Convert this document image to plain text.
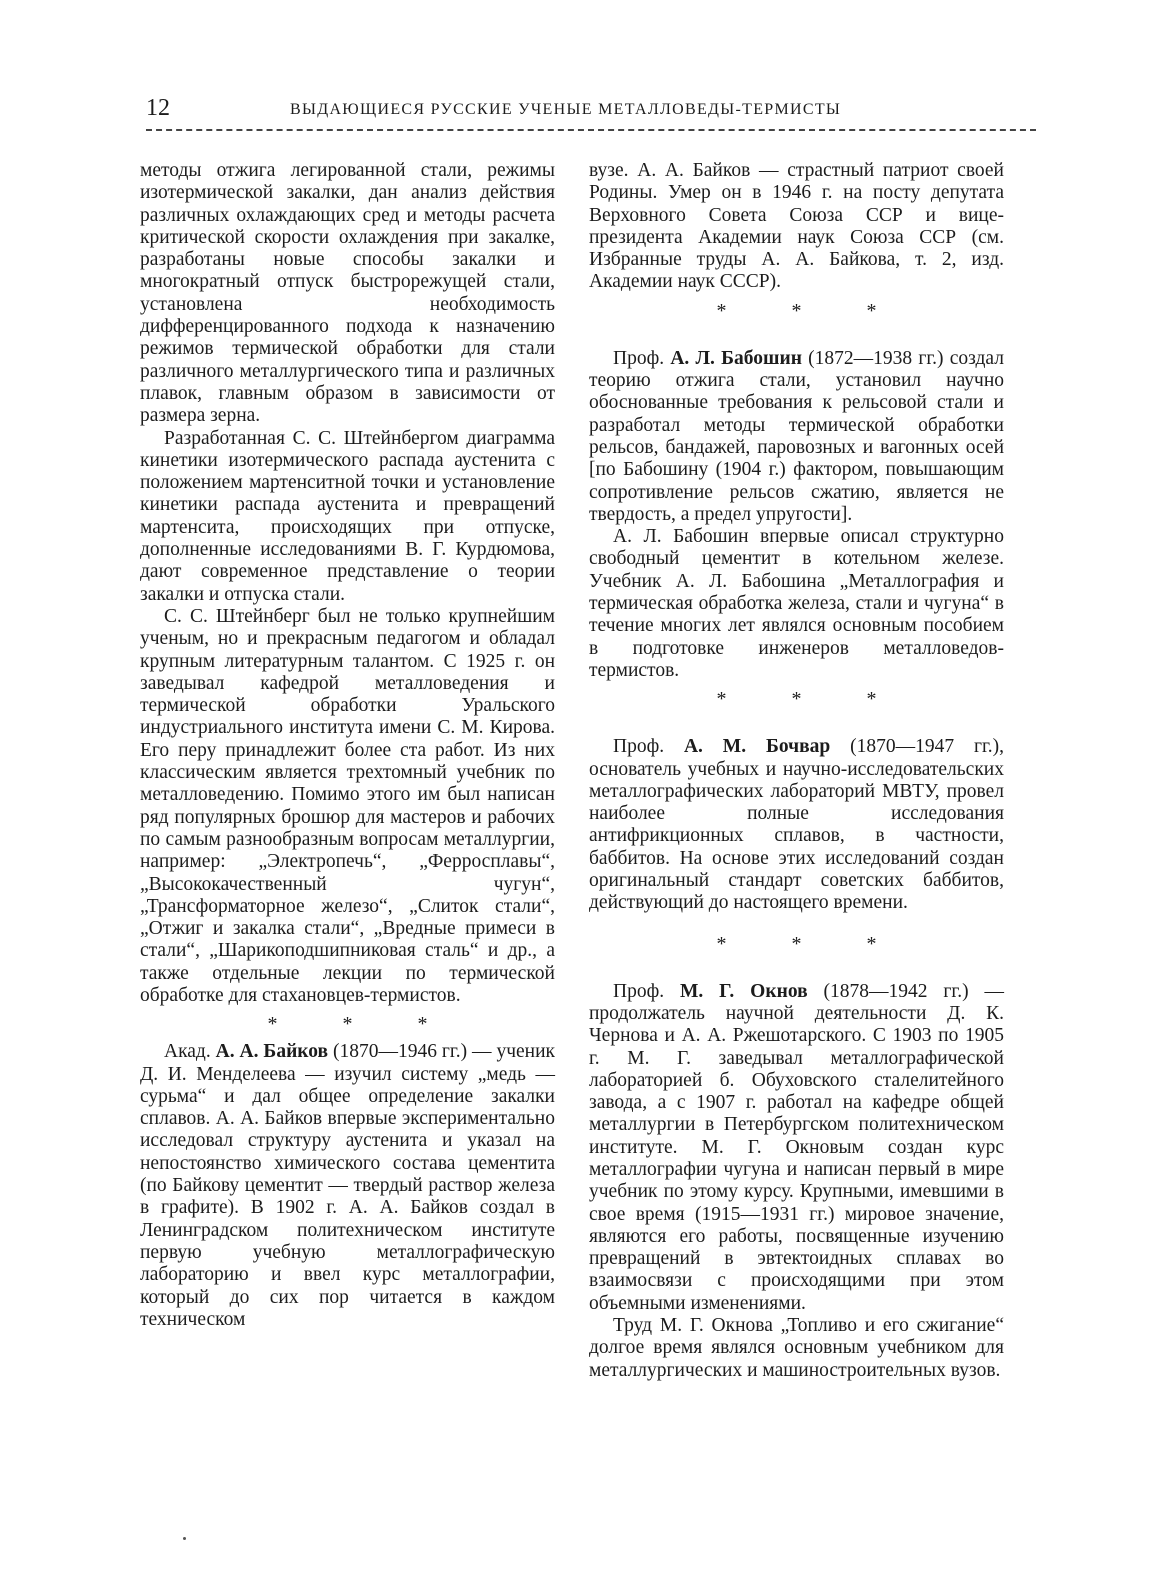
12	ВЫДАЮЩИЕСЯ РУССКИЕ УЧЕНЫЕ МЕТАЛЛОВЕДЫ-ТЕРМИСТЫ

методы отжига легированной стали, режимы изотермической закалки, дан анализ действия различных охлаждающих сред и методы расчета критической скорости охлаждения при закалке, разработаны новые способы закалки и многократный отпуск быстрорежущей стали, установлена необходимость дифференцированного подхода к назначению режимов термической обработки для стали различного металлургического типа и различных плавок, главным образом в зависимости от размера зерна.

Разработанная С. С. Штейнбергом диаграмма кинетики изотермического распада аустенита с положением мартенситной точки и установление кинетики распада аустенита и превращений мартенсита, происходящих при отпуске, дополненные исследованиями В. Г. Курдюмова, дают современное представление о теории закалки и отпуска стали.

С. С. Штейнберг был не только крупнейшим ученым, но и прекрасным педагогом и обладал крупным литературным талантом. С 1925 г. он заведывал кафедрой металловедения и термической обработки Уральского индустриального института имени С. М. Кирова. Его перу принадлежит более ста работ. Из них классическим является трехтомный учебник по металловедению. Помимо этого им был написан ряд популярных брошюр для мастеров и рабочих по самым разнообразным вопросам металлургии, например: „Электропечь“, „Ферросплавы“, „Высококачественный чугун“, „Трансформаторное железо“, „Слиток стали“, „Отжиг и закалка стали“, „Вредные примеси в стали“, „Шарикоподшипниковая сталь“ и др., а также отдельные лекции по термической обработке для стахановцев-термистов.

* * *

Акад. А. А. Байков (1870—1946 гг.) — ученик Д. И. Менделеева — изучил систему „медь — сурьма“ и дал общее определение закалки сплавов. А. А. Байков впервые экспериментально исследовал структуру аустенита и указал на непостоянство химического состава цементита (по Байкову цементит — твердый раствор железа в графите). В 1902 г. А. А. Байков создал в Ленинградском политехническом институте первую учебную металлографическую лабораторию и ввел курс металлографии, который до сих пор читается в каждом техническом

вузе. А. А. Байков — страстный патриот своей Родины. Умер он в 1946 г. на посту депутата Верховного Совета Союза ССР и вице-президента Академии наук Союза ССР (см. Избранные труды А. А. Байкова, т. 2, изд. Академии наук СССР).

* * *

Проф. А. Л. Бабошин (1872—1938 гг.) создал теорию отжига стали, установил научно обоснованные требования к рельсовой стали и разработал методы термической обработки рельсов, бандажей, паровозных и вагонных осей [по Бабошину (1904 г.) фактором, повышающим сопротивление рельсов сжатию, является не твердость, а предел упругости].

А. Л. Бабошин впервые описал структурно свободный цементит в котельном железе. Учебник А. Л. Бабошина „Металлография и термическая обработка железа, стали и чугуна“ в течение многих лет являлся основным пособием в подготовке инженеров металловедов-термистов.

* * *

Проф. А. М. Бочвар (1870—1947 гг.), основатель учебных и научно-исследовательских металлографических лабораторий МВТУ, провел наиболее полные исследования антифрикционных сплавов, в частности, баббитов. На основе этих исследований создан оригинальный стандарт советских баббитов, действующий до настоящего времени.

* * *

Проф. М. Г. Окнов (1878—1942 гг.) — продолжатель научной деятельности Д. К. Чернова и А. А. Ржешотарского. С 1903 по 1905 г. М. Г. заведывал металлографической лабораторией б. Обуховского сталелитейного завода, а с 1907 г. работал на кафедре общей металлургии в Петербургском политехническом институте. М. Г. Окновым создан курс металлографии чугуна и написан первый в мире учебник по этому курсу. Крупными, имевшими в свое время (1915—1931 гг.) мировое значение, являются его работы, посвященные изучению превращений в эвтектоидных сплавах во взаимосвязи с происходящими при этом объемными изменениями.

Труд М. Г. Окнова „Топливо и его сжигание“ долгое время являлся основным учебником для металлургических и машиностроительных вузов.
